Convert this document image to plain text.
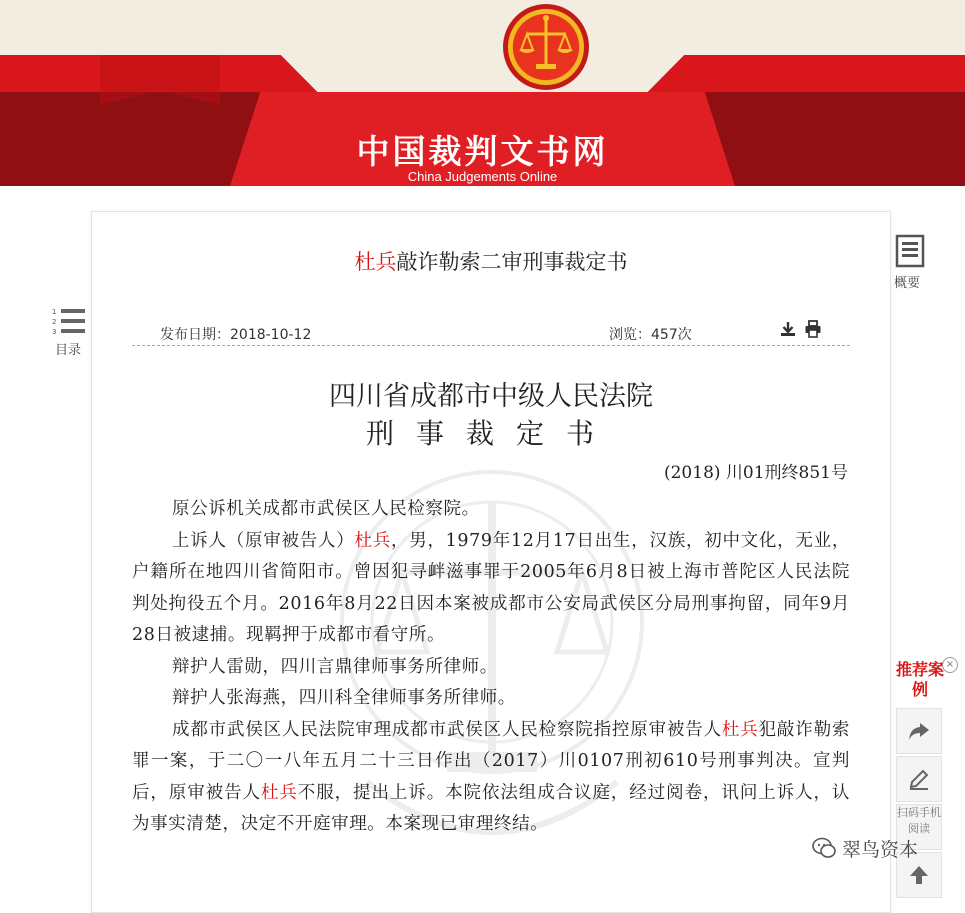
中国裁判文书网
China Judgements Online
1
2
3
目录
杜兵敲诈勒索二审刑事裁定书
发布日期：2018-10-12	浏览：457次
四川省成都市中级人民法院
刑事裁定书
(2018) 川01刑终851号

原公诉机关成都市武侯区人民检察院。

上诉人（原审被告人）杜兵，男，1979年12月17日出生，汉族，初中文化，无业，户籍所在地四川省简阳市。曾因犯寻衅滋事罪于2005年6月8日被上海市普陀区人民法院判处拘役五个月。2016年8月22日因本案被成都市公安局武侯区分局刑事拘留，同年9月28日被逮捕。现羁押于成都市看守所。

辩护人雷勋，四川言鼎律师事务所律师。

辩护人张海燕，四川科全律师事务所律师。

成都市武侯区人民法院审理成都市武侯区人民检察院指控原审被告人杜兵犯敲诈勒索罪一案，于二〇一八年五月二十三日作出（2017）川0107刑初610号刑事判决。宣判后，原审被告人杜兵不服，提出上诉。本院依法组成合议庭，经过阅卷，讯问上诉人，认为事实清楚，决定不开庭审理。本案现已审理终结。

概要
推荐案例
×
扫码手机阅读
翠鸟资本
